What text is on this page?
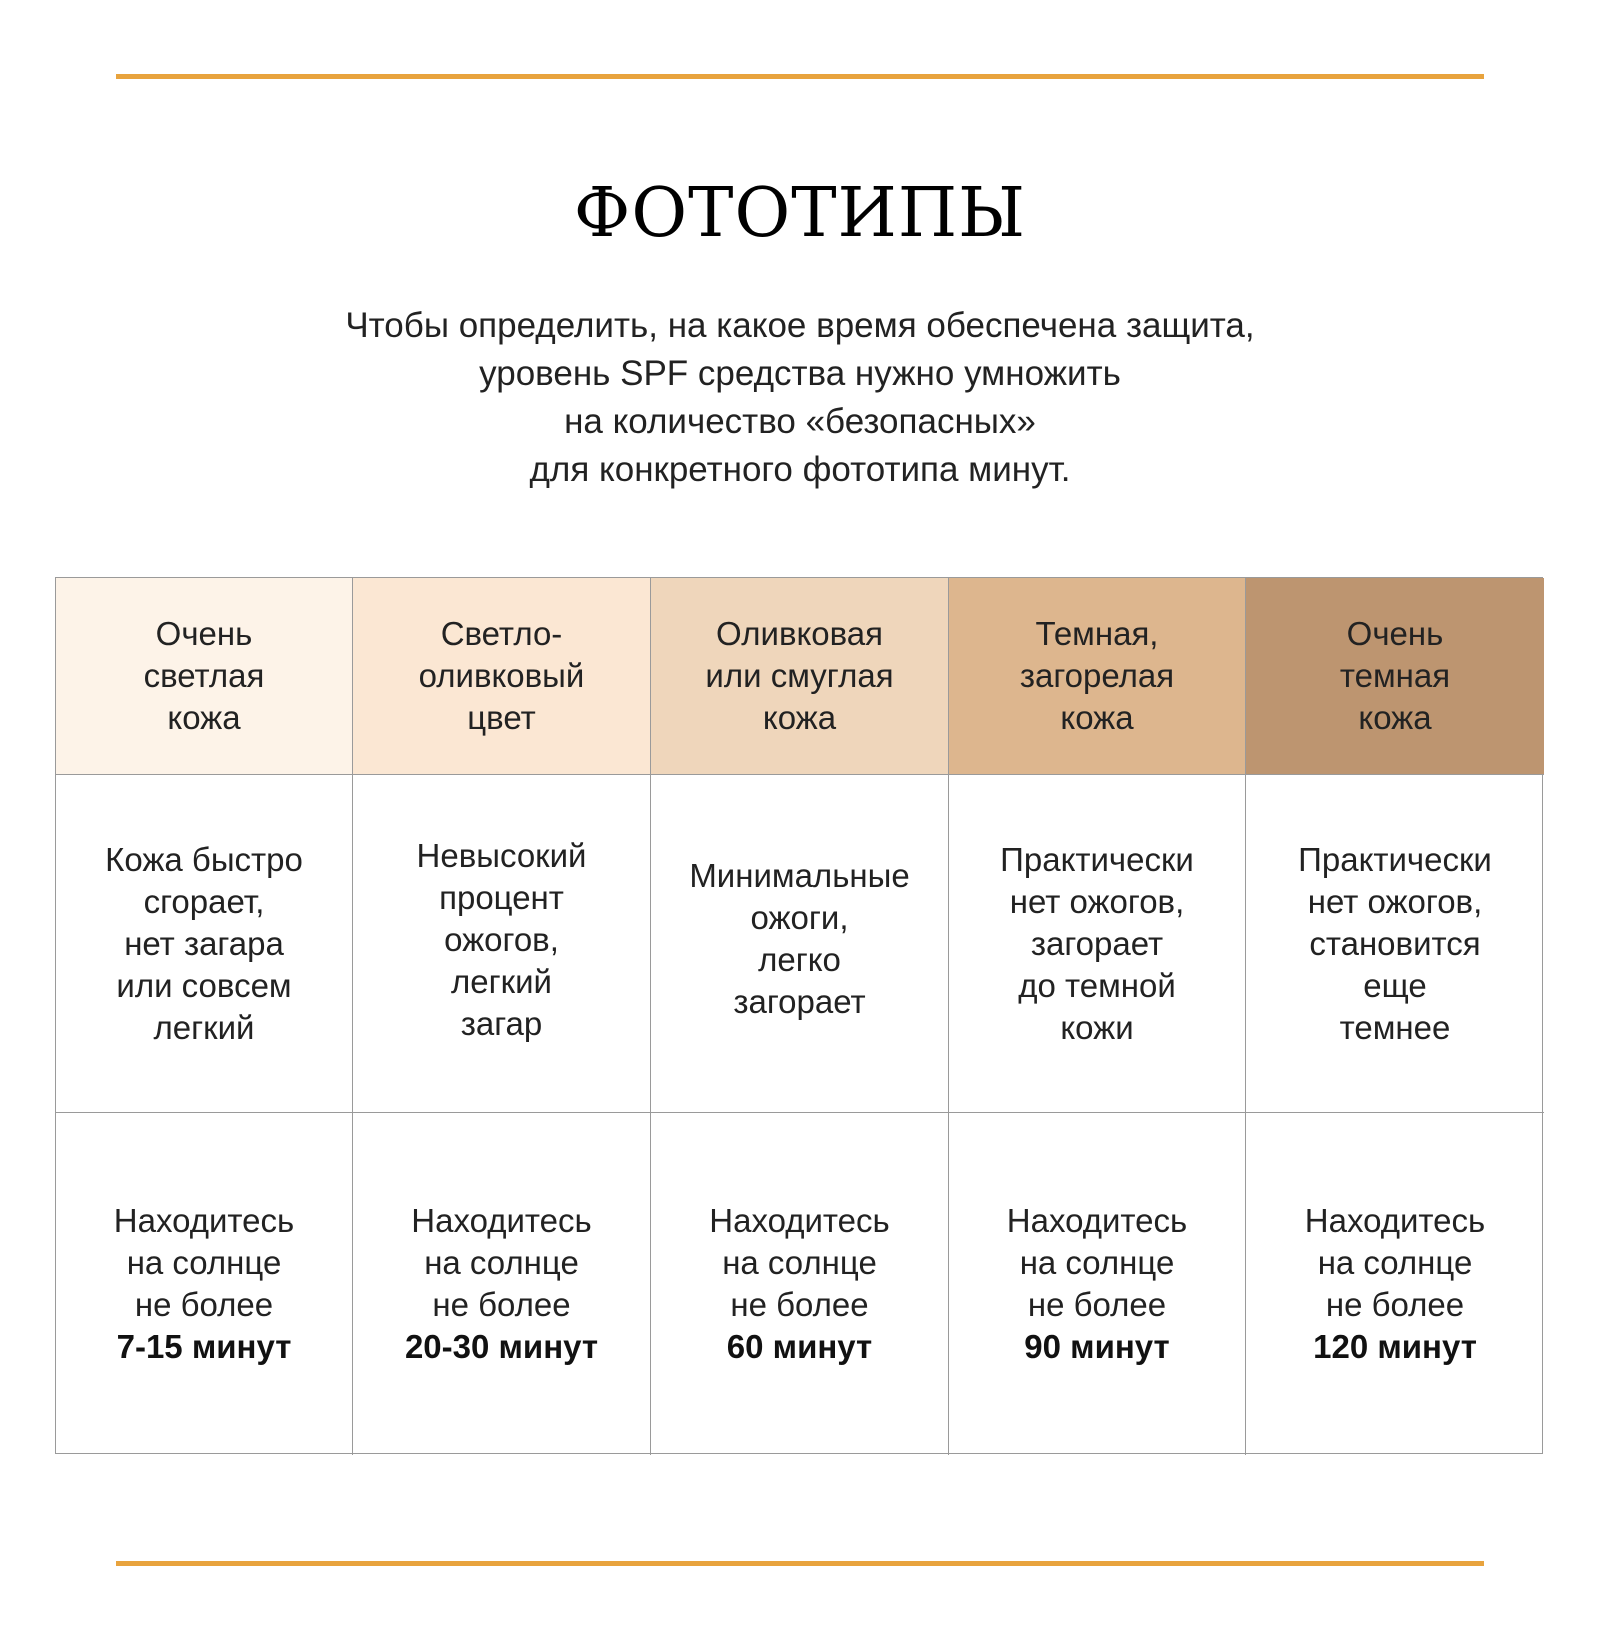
ФОТОТИПЫ
Чтобы определить, на какое время обеспечена защита,
уровень SPF средства нужно умножить
на количество «безопасных»
для конкретного фототипа минут.
Очень
светлая
кожа
Светло-
оливковый
цвет
Оливковая
или смуглая
кожа
Темная,
загорелая
кожа
Очень
темная
кожа
Кожа быстро
сгорает,
нет загара
или совсем
легкий
Невысокий
процент
ожогов,
легкий
загар
Минимальные
ожоги,
легко
загорает
Практически
нет ожогов,
загорает
до темной
кожи
Практически
нет ожогов,
становится
еще
темнее
Находитесь
на солнце
не более
7-15 минут
Находитесь
на солнце
не более
20-30 минут
Находитесь
на солнце
не более
60 минут
Находитесь
на солнце
не более
90 минут
Находитесь
на солнце
не более
120 минут
